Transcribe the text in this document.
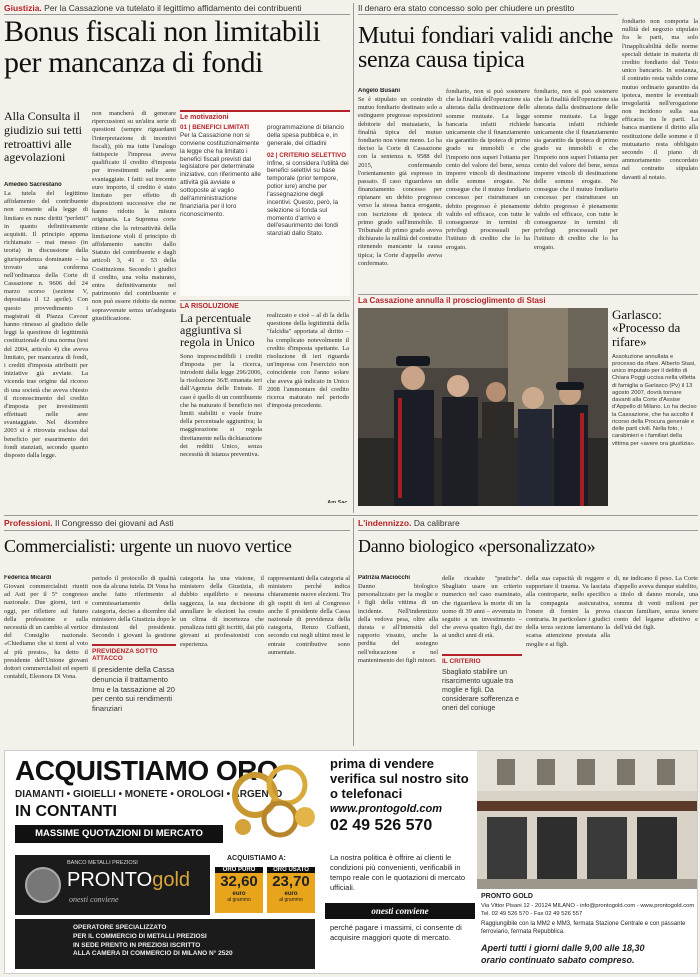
Giustizia. Per la Cassazione va tutelato il legittimo affidamento dei contribuenti
Bonus fiscali non limitabili per mancanza di fondi
Alla Consulta il giudizio sui tetti retroattivi alle agevolazioni
Amedeo Sacrestano
La tutela del legittimo affidamento del contribuente non consente alla legge di limitare ex nunc diritti "perfetti" in quanto definitivamente acquisiti. Il principio appena richiamato – mai messo (in teoria) in discussione dalla giurisprudenza dominante – ha trovato una conferma nell'ordinanza della Corte di Cassazione n. 9606 del 24 marzo scorso (sezione V, depositata il 12 aprile). Con questo provvedimento i magistrati di Piazza Cavour hanno rimesso al giudizio delle leggi la questione di legittimità costituzionale di una norma (tesi del 2004, articolo 4) che aveva limitato, per mancanza di fondi, i crediti d'imposta attribuiti per iniziative già avviate. La vicenda trae origine dal ricorso di una società che aveva chiesto il riconoscimento del credito d'imposta per investimenti effettuati nelle aree svantaggiate. Nel dicembre 2003 si è ritrovata esclusa dal beneficio per esaurimento dei fondi stanziati, secondo quanto disposto dalla legge.
non mancherà di generare ripercussioni su un'altra serie di questioni (sempre riguardanti l'interpretazione di incentivi fiscali), più ma tutte l'analogo fattispecie l'impresa aveva qualificato il credito d'imposta per investimenti nelle aree svantaggiate. I fatti: sui trecento euro importo, il credito è stato limitato per effetto di disposizioni successive che ne hanno ridotto la misura originaria. La Suprema corte ritiene che la retroattività della limitazione violi il principio di affidamento sancito dallo Statuto del contribuente e dagli articoli 3, 41 e 53 della Costituzione. Secondo i giudici il credito, una volta maturato, entra definitivamente nel patrimonio del contribuente e non può essere ridotto da norme sopravvenute senza un'adeguata giustificazione.
Le motivazioni
01 | BENEFICI LIMITATI
Per la Cassazione non si conviene costituzionalmente la legge che ha limitato i benefici fiscali previsti dal legislatore per determinate iniziative, con riferimento alle attività già avviate e sottoposte al vaglio dell'amministrazione finanziaria per il loro riconoscimento.
programmazione di bilancio della spesa pubblica e, in generale, dei cittadini
02 | CRITERIO SELETTIVO
Infine, si considera l'utilità dei benefici selettivi su base temporale (prior tempore, potior iure) anche per l'assegnazione degli incentivi. Questo, però, la selezione si fonda sul momento d'arrivo e dell'esaurimento dei fondi stanziati dallo Stato.
LA RISOLUZIONE
La percentuale aggiuntiva si regola in Unico
Sono imprescindibili i crediti d'imposta per la ricerca, introdotti dalla legge 296/2006, la risoluzione 36/E emanata ieri dall'Agenzia delle Entrate. Il caso è quello di un contribuente che ha maturato il beneficio nei limiti stabiliti e vuole fruire della percentuale aggiuntiva; la maggiorazione si regola direttamente nella dichiarazione dei redditi Unico, senza necessità di istanza preventiva.
realizzato e cioè – al di la della questione della legittimità della "falcidia" apportata al diritto – ha complicato notevolmente il credito d'imposta spettante. La risoluzione di ieri riguarda un'impresa con l'esercizio non coincidente con l'anno solare che aveva già indicato in Unico 2008 l'ammontare del credito ricerca maturato nel periodo d'imposta precedente.
Am.Sac.
Il denaro era stato concesso solo per chiudere un prestito
Mutui fondiari validi anche senza causa tipica
Angelo Busani
Se è stipulato un contratto di mutuo fondiario destinato solo a estinguere pregresse esposizioni debitorie del mutuatario, la finalità tipica del mutuo fondiario non viene meno. Lo ha deciso la Corte di Cassazione con la sentenza n. 9588 del 2015, confermando l'orientamento già espresso in passato. Il caso riguardava un finanziamento concesso per ripianare un debito pregresso verso la stessa banca erogante, con iscrizione di ipoteca di primo grado sull'immobile. Il Tribunale di primo grado aveva dichiarato la nullità del contratto ritenendo mancante la causa tipica; la Corte d'appello aveva confermato.
fondiario, non si può sostenere che la finalità dell'operazione sia alterata dalla destinazione delle somme mutuate. La legge bancaria infatti richiede unicamente che il finanziamento sia garantito da ipoteca di primo grado su immobili e che l'importo non superi l'ottanta per cento del valore del bene, senza imporre vincoli di destinazione delle somme erogate. Ne consegue che il mutuo fondiario concesso per ristrutturare un debito pregresso è pienamente valido ed efficace, con tutte le conseguenze in termini di privilegi processuali per l'istituto di credito che lo ha erogato.
fondiario, non si può sostenere che la finalità dell'operazione sia alterata dalla destinazione delle somme mutuate. La legge bancaria infatti richiede unicamente che il finanziamento sia garantito da ipoteca di primo grado su immobili e che l'importo non superi l'ottanta per cento del valore del bene, senza imporre vincoli di destinazione delle somme erogate. Ne consegue che il mutuo fondiario concesso per ristrutturare un debito pregresso è pienamente valido ed efficace, con tutte le conseguenze in termini di privilegi processuali per l'istituto di credito che lo ha erogato.
fondiario non comporta la nullità del negozio stipulato fra le parti, ma solo l'inapplicabilità delle norme speciali dettate in materia di credito fondiario dal Testo unico bancario. In sostanza, il contratto resta valido come mutuo ordinario garantito da ipoteca, mentre le eventuali irregolarità nell'erogazione non incidono sulla sua efficacia tra le parti. La banca mantiene il diritto alla restituzione delle somme e il mutuatario resta obbligato secondo il piano di ammortamento concordato nel contratto stipulato davanti al notaio.
La Cassazione annulla il proscioglimento di Stasi
Garlasco: «Processo da rifare»
Assoluzione annullata e processo da rifare. Alberto Stasi, unico imputato per il delitto di Chiara Poggi uccisa nella villetta di famiglia a Garlasco (Pv) il 13 agosto 2007, dovrà tornare davanti alla Corte d'Assise d'Appello di Milano. Lo ha deciso la Cassazione, che ha accolto il ricorso della Procura generale e delle parti civili. Nella foto, i carabinieri e i familiari della vittima per «avere ora giustizia».
Professioni. Il Congresso dei giovani ad Asti
Commercialisti: urgente un nuovo vertice
Federica Micardi
Giovani commercialisti riuniti ad Asti per il 5° congresso nazionale. Due giorni, ieri e oggi, per riflettere sul futuro della professione e sulla necessità di un cambio al vertice del Consiglio nazionale. «Chiediamo che si torni al voto al più presto», ha detto il presidente dell'Unione giovani dottori commercialisti ed esperti contabili, Eleonora Di Vona.
periodo il protocollo di qualità non da alcuna tutela. Di Vona ha anche fatto riferimento al commissariamento della categoria, deciso a dicembre dal ministero della Giustizia dopo le dimissioni del presidente. Secondo i giovani la gestione
PREVIDENZA SOTTO ATTACCO
Il presidente della Cassa denuncia il trattamento Imu e la tassazione al 20 per cento sui rendimenti finanziari
categoria ha una visione, il ministero della Giustizia, di dubbio equilibrio e nessuna saggezza, la sua decisione di annullare le elezioni ha creato un clima di incertezza che penalizza tutti gli iscritti, dai più giovani ai professionisti con esperienza.
rappresentanti della categoria al ministero perché indica chiaramente nuove elezioni. Tra gli ospiti di ieri al Congresso anche il presidente della Cassa nazionale di previdenza della categoria, Renzo Guffanti, secondo cui negli ultimi mesi le entrate contributive sono aumentate.
L'indennizzo. Da calibrare
Danno biologico «personalizzato»
Patrizia Maciocchi
Danno biologico personalizzato per la moglie e i figli della vittima di un incidente. Nell'indennizzo della vedova pesa, oltre alla durata e all'intensità del rapporto vissuto, anche la perdita del sostegno nell'educazione e nel mantenimento dei figli minori.
delle ricadute "pratiche". Sbagliato usare un criterio numerico nel caso esaminato, che riguardava la morte di un uomo di 39 anni – avvenuta in seguito a un investimento – che aveva quattro figli, dai tre ai undici anni di età.
IL CRITERIO
Sbagliato stabilire un risarcimento uguale tra moglie e figli. Da considerare sofferenza e oneri del coniuge
della sua capacità di reggere e supportare il trauma. Va lasciata alla controparte, nello specifico la compagnia assicurativa, l'onere di fornire la prova contraria. In particolare i giudici della terza sezione lamentano la scarsa attenzione prestata alla moglie e ai figli.
di, ne indicano il peso. La Corte d'appello aveva dunque stabilito, a titolo di danno morale, una somma di venti milioni per ciascun familiare, senza tenere conto del legame affettivo e dell'età dei figli.
ACQUISTIAMO ORO
DIAMANTI • GIOIELLI • MONETE • OROLOGI • ARGENTO
IN CONTANTI
MASSIME QUOTAZIONI DI MERCATO
ACQUISTIAMO A:
ORO PURO
32,60
euro
al grammo
ORO USATO
23,70
euro
al grammo
BANCO METALLI PREZIOSI
PRONTOgold
onesti conviene
OPERATORE SPECIALIZZATO
PER IL COMMERCIO DI METALLI PREZIOSI
IN SEDE PRENTO IN PREZIOSI ISCRITTO
ALLA CAMERA DI COMMERCIO DI MILANO N° 2520
prima di vendere
verifica sul nostro sito
o telefonaci
www.prontogold.com
02 49 526 570
La nostra politica è offrire ai clienti le condizioni più convenienti, verificabili in tempo reale con le quotazioni di mercato ufficiali.
onesti conviene
perché pagare i massimi, ci consente di acquisire maggiori quote di mercato.
PRONTO GOLD
Via Vittor Pisani 12 - 20124 MILANO - info@prontogold.com - www.prontogold.com
Tel. 02 49 526 570 - Fax 02 49 526 557
Raggiungibile con la MM2 e MM3, fermata Stazione Centrale e con passante ferroviario, fermata Repubblica.
Aperti tutti i giorni dalle 9,00 alle 18,30
orario continuato sabato compreso.
